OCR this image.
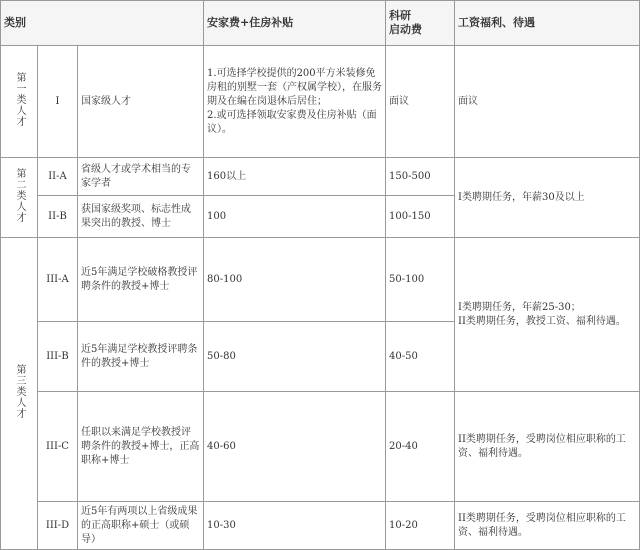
类别			安家费+住房补贴	科研
启动费	工资福利、待遇
第一类人才	I	国家级人才	1.可选择学校提供的200平方米装修免房租的别墅一套（产权属学校），在服务期及在编在岗退休后居住；
2.或可选择领取安家费及住房补贴（面议）。	面议	面议
第二类人才	II-A	省级人才或学术相当的专家学者	160以上	150-500	I类聘期任务，年薪30及以上
	II-B	获国家级奖项、标志性成果突出的教授、博士	100	100-150	
第三类人才	III-A	近5年满足学校破格教授评聘条件的教授+博士	80-100	50-100	I类聘期任务，年薪25-30；
II类聘期任务，教授工资、福利待遇。
	III-B	近5年满足学校教授评聘条件的教授+博士	50-80	40-50	
	III-C	任职以来满足学校教授评聘条件的教授+博士，正高职称+博士	40-60	20-40	II类聘期任务，受聘岗位相应职称的工资、福利待遇。
	III-D	近5年有两项以上省级成果的正高职称+硕士（或硕导）	10-30	10-20	II类聘期任务，受聘岗位相应职称的工资、福利待遇。
